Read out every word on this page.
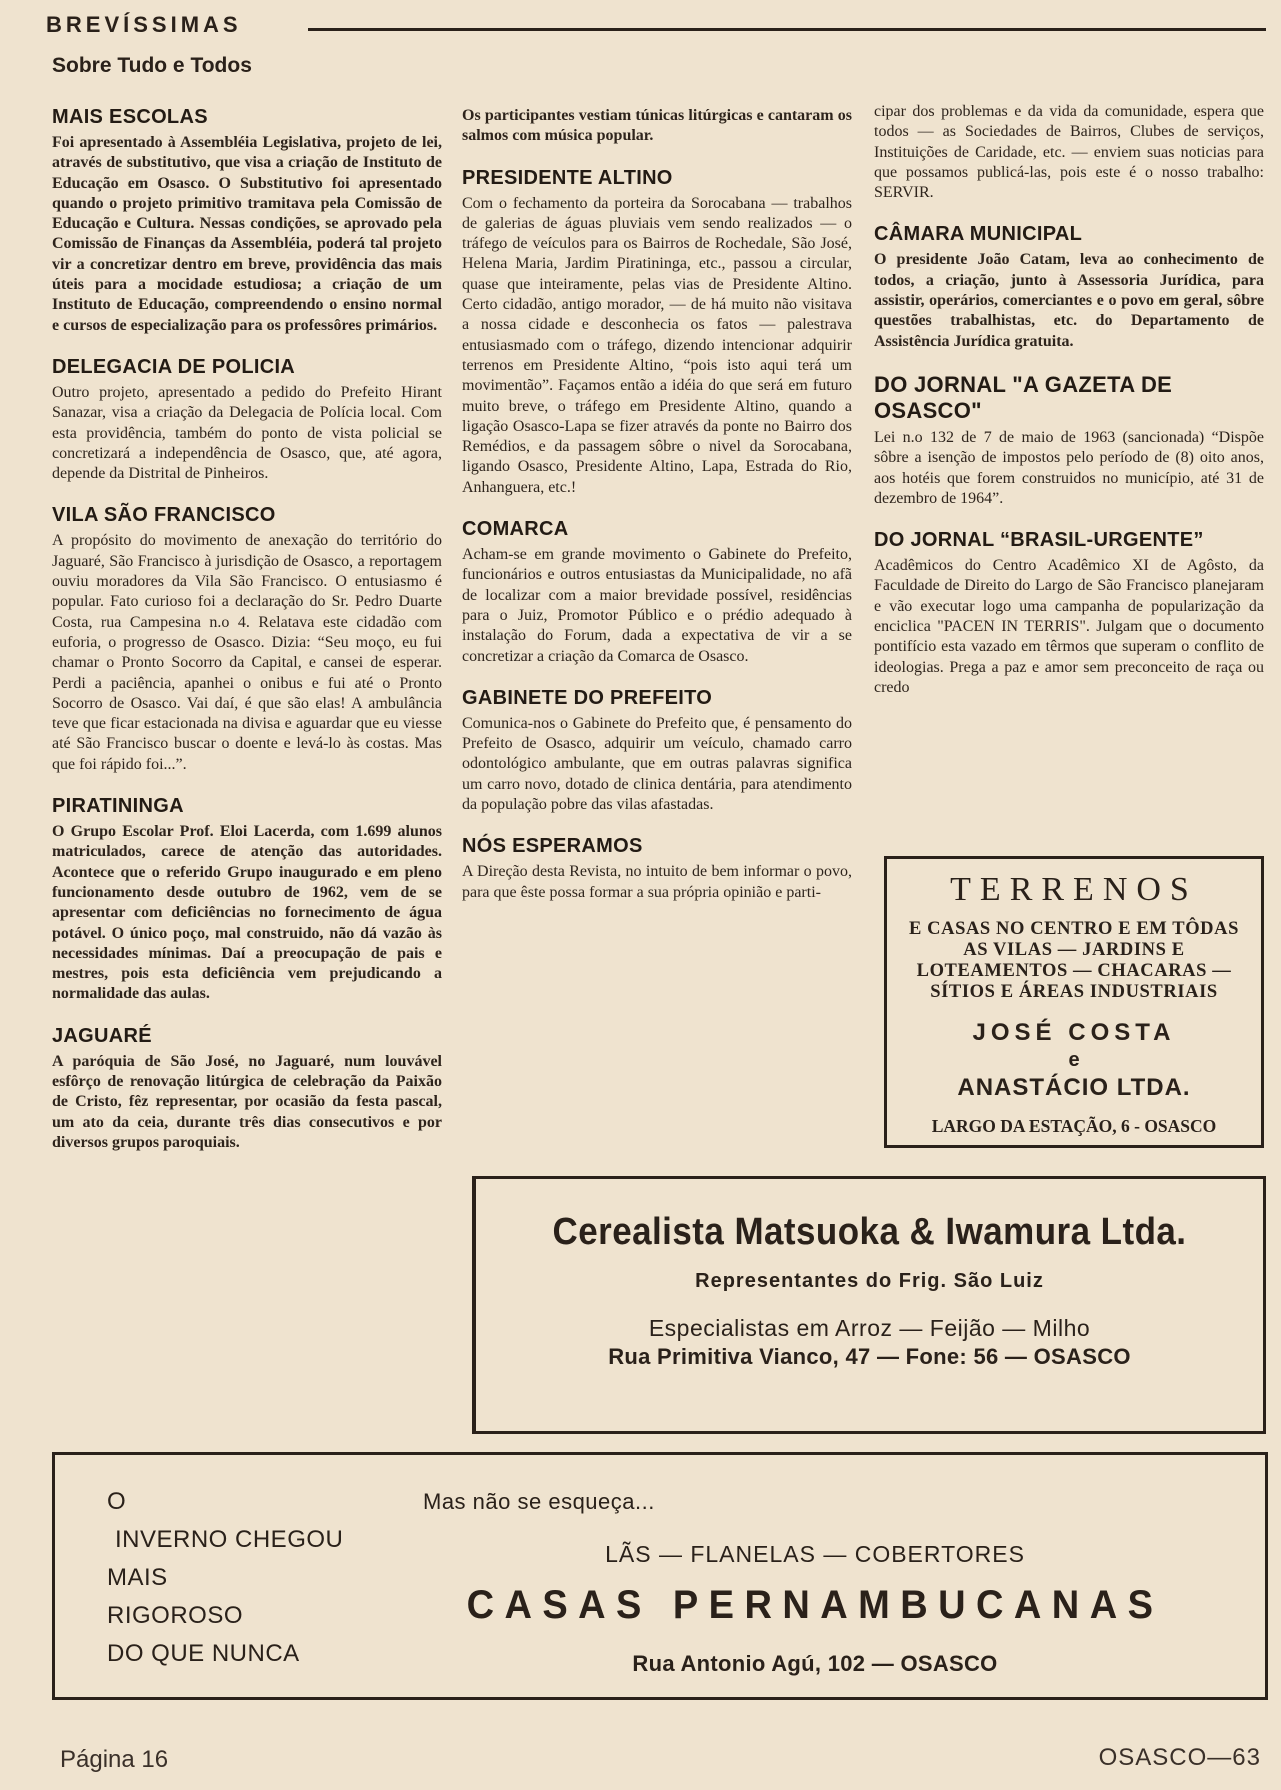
BREVÍSSIMAS
Sobre Tudo e Todos
MAIS ESCOLAS

Foi apresentado à Assembléia Legislativa, projeto de lei, através de substitutivo, que visa a criação de Instituto de Educação em Osasco. O Substitutivo foi apresentado quando o projeto primitivo tramitava pela Comissão de Educação e Cultura. Nessas condições, se aprovado pela Comissão de Finanças da Assembléia, poderá tal projeto vir a concretizar dentro em breve, providência das mais úteis para a mocidade estudiosa; a criação de um Instituto de Educação, compreendendo o ensino normal e cursos de especialização para os professôres primários.

DELEGACIA DE POLICIA

Outro projeto, apresentado a pedido do Prefeito Hirant Sanazar, visa a criação da Delegacia de Polícia local. Com esta providência, também do ponto de vista policial se concretizará a independência de Osasco, que, até agora, depende da Distrital de Pinheiros.

VILA SÃO FRANCISCO

A propósito do movimento de anexação do território do Jaguaré, São Francisco à jurisdição de Osasco, a reportagem ouviu moradores da Vila São Francisco. O entusiasmo é popular. Fato curioso foi a declaração do Sr. Pedro Duarte Costa, rua Campesina n.o 4. Relatava este cidadão com euforia, o progresso de Osasco. Dizia: “Seu moço, eu fui chamar o Pronto Socorro da Capital, e cansei de esperar. Perdi a paciência, apanhei o onibus e fui até o Pronto Socorro de Osasco. Vai daí, é que são elas! A ambulância teve que ficar estacionada na divisa e aguardar que eu viesse até São Francisco buscar o doente e levá-lo às costas. Mas que foi rápido foi...”.

PIRATININGA

O Grupo Escolar Prof. Eloi Lacerda, com 1.699 alunos matriculados, carece de atenção das autoridades. Acontece que o referido Grupo inaugurado e em pleno funcionamento desde outubro de 1962, vem de se apresentar com deficiências no fornecimento de água potável. O único poço, mal construido, não dá vazão às necessidades mínimas. Daí a preocupação de pais e mestres, pois esta deficiência vem prejudicando a normalidade das aulas.

JAGUARÉ

A paróquia de São José, no Jaguaré, num louvável esfôrço de renovação litúrgica de celebração da Paixão de Cristo, fêz representar, por ocasião da festa pascal, um ato da ceia, durante três dias consecutivos e por diversos grupos paroquiais.

Os participantes vestiam túnicas litúrgicas e cantaram os salmos com música popular.

PRESIDENTE ALTINO

Com o fechamento da porteira da Sorocabana — trabalhos de galerias de águas pluviais vem sendo realizados — o tráfego de veículos para os Bairros de Rochedale, São José, Helena Maria, Jardim Piratininga, etc., passou a circular, quase que inteiramente, pelas vias de Presidente Altino. Certo cidadão, antigo morador, — de há muito não visitava a nossa cidade e desconhecia os fatos — palestrava entusiasmado com o tráfego, dizendo intencionar adquirir terrenos em Presidente Altino, “pois isto aqui terá um movimentão”. Façamos então a idéia do que será em futuro muito breve, o tráfego em Presidente Altino, quando a ligação Osasco-Lapa se fizer através da ponte no Bairro dos Remédios, e da passagem sôbre o nivel da Sorocabana, ligando Osasco, Presidente Altino, Lapa, Estrada do Rio, Anhanguera, etc.!

COMARCA

Acham-se em grande movimento o Gabinete do Prefeito, funcionários e outros entusiastas da Municipalidade, no afã de localizar com a maior brevidade possível, residências para o Juiz, Promotor Público e o prédio adequado à instalação do Forum, dada a expectativa de vir a se concretizar a criação da Comarca de Osasco.

GABINETE DO PREFEITO

Comunica-nos o Gabinete do Prefeito que, é pensamento do Prefeito de Osasco, adquirir um veículo, chamado carro odontológico ambulante, que em outras palavras significa um carro novo, dotado de clinica dentária, para atendimento da população pobre das vilas afastadas.

NÓS ESPERAMOS

A Direção desta Revista, no intuito de bem informar o povo, para que êste possa formar a sua própria opinião e parti-

cipar dos problemas e da vida da comunidade, espera que todos — as Sociedades de Bairros, Clubes de serviços, Instituições de Caridade, etc. — enviem suas noticias para que possamos publicá-las, pois este é o nosso trabalho: SERVIR.

CÂMARA MUNICIPAL

O presidente João Catam, leva ao conhecimento de todos, a criação, junto à Assessoria Jurídica, para assistir, operários, comerciantes e o povo em geral, sôbre questões trabalhistas, etc. do Departamento de Assistência Jurídica gratuita.

DO JORNAL "A GAZETA DE OSASCO"

Lei n.o 132 de 7 de maio de 1963 (sancionada) “Dispõe sôbre a isenção de impostos pelo período de (8) oito anos, aos hotéis que forem construidos no município, até 31 de dezembro de 1964”.

DO JORNAL “BRASIL-URGENTE”

Acadêmicos do Centro Acadêmico XI de Agôsto, da Faculdade de Direito do Largo de São Francisco planejaram e vão executar logo uma campanha de popularização da enciclica "PACEN IN TERRIS". Julgam que o documento pontifício esta vazado em têrmos que superam o conflito de ideologias. Prega a paz e amor sem preconceito de raça ou credo

TERRENOS
E CASAS NO CENTRO E EM TÔDAS AS VILAS — JARDINS E LOTEAMENTOS — CHACARAS — SÍTIOS E ÁREAS INDUSTRIAIS
JOSÉ COSTA
e
ANASTÁCIO LTDA.
LARGO DA ESTAÇÃO, 6 - OSASCO
Cerealista Matsuoka & Iwamura Ltda.
Representantes do Frig. São Luiz
Especialistas em Arroz — Feijão — Milho
Rua Primitiva Vianco, 47 — Fone: 56 — OSASCO
O
INVERNO CHEGOU
MAIS
RIGOROSO
DO QUE NUNCA
Mas não se esqueça...
LÃS — FLANELAS — COBERTORES
CASAS PERNAMBUCANAS
Rua Antonio Agú, 102 — OSASCO
Página 16	OSASCO—63
